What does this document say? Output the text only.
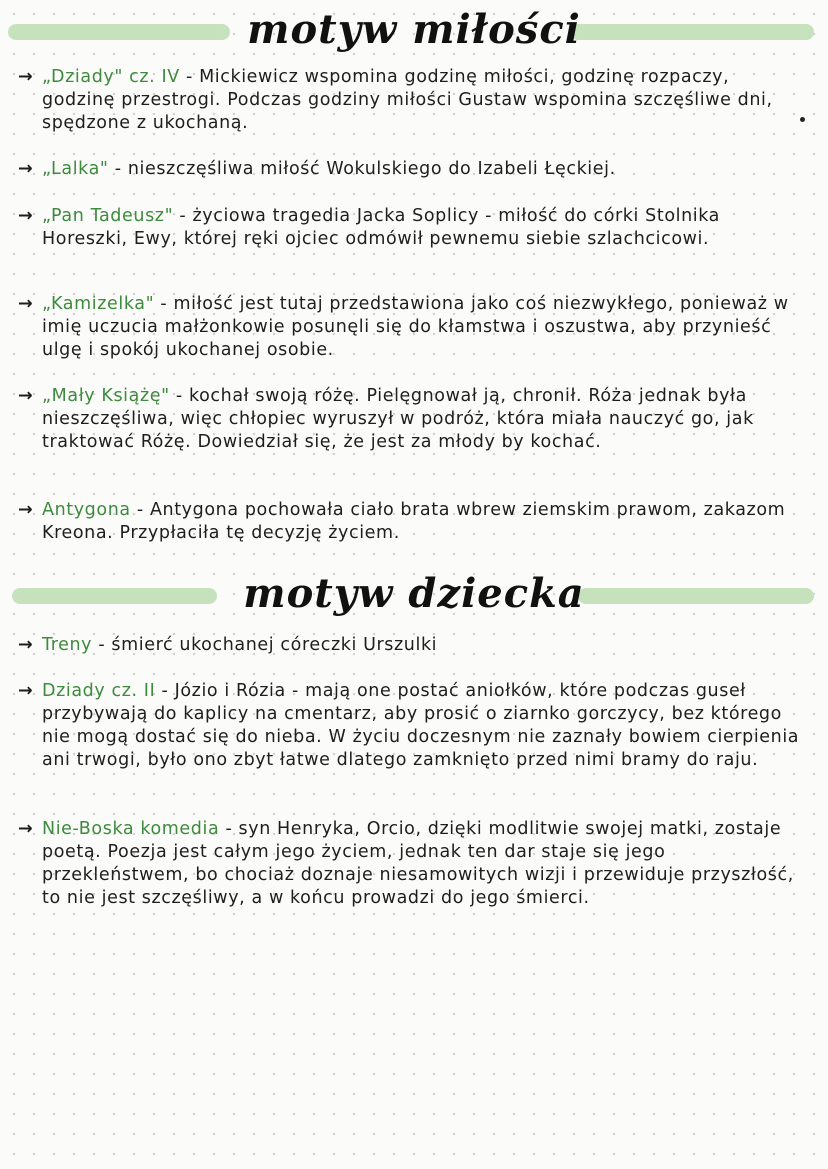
motyw miłości
→ „Dziady" cz. IV - Mickiewicz wspomina godzinę miłości, godzinę rozpaczy, godzinę przestrogi. Podczas godziny miłości Gustaw wspomina szczęśliwe dni, spędzone z ukochaną.
→ „Lalka" - nieszczęśliwa miłość Wokulskiego do Izabeli Łęckiej.
→ „Pan Tadeusz" - życiowa tragedia Jacka Soplicy - miłość do córki Stolnika Horeszki, Ewy, której ręki ojciec odmówił pewnemu siebie szlachcicowi.
→ „Kamizelka" - miłość jest tutaj przedstawiona jako coś niezwykłego, ponieważ w imię uczucia małżonkowie posunęli się do kłamstwa i oszustwa, aby przynieść ulgę i spokój ukochanej osobie.
→ „Mały Książę" - kochał swoją różę. Pielęgnował ją, chronił. Róża jednak była nieszczęśliwa, więc chłopiec wyruszył w podróż, która miała nauczyć go, jak traktować Różę. Dowiedział się, że jest za młody by kochać.
→ Antygona - Antygona pochowała ciało brata wbrew ziemskim prawom, zakazom Kreona. Przypłaciła tę decyzję życiem.
motyw dziecka
→ Treny - śmierć ukochanej córeczki Urszulki
→ Dziady cz. II - Józio i Rózia - mają one postać aniołków, które podczas guseł przybywają do kaplicy na cmentarz, aby prosić o ziarnko gorczycy, bez którego nie mogą dostać się do nieba. W życiu doczesnym nie zaznały bowiem cierpienia ani trwogi, było ono zbyt łatwe dlatego zamknięto przed nimi bramy do raju.
→ Nie-Boska komedia - syn Henryka, Orcio, dzięki modlitwie swojej matki, zostaje poetą. Poezja jest całym jego życiem, jednak ten dar staje się jego przekleństwem, bo chociaż doznaje niesamowitych wizji i przewiduje przyszłość, to nie jest szczęśliwy, a w końcu prowadzi do jego śmierci.
